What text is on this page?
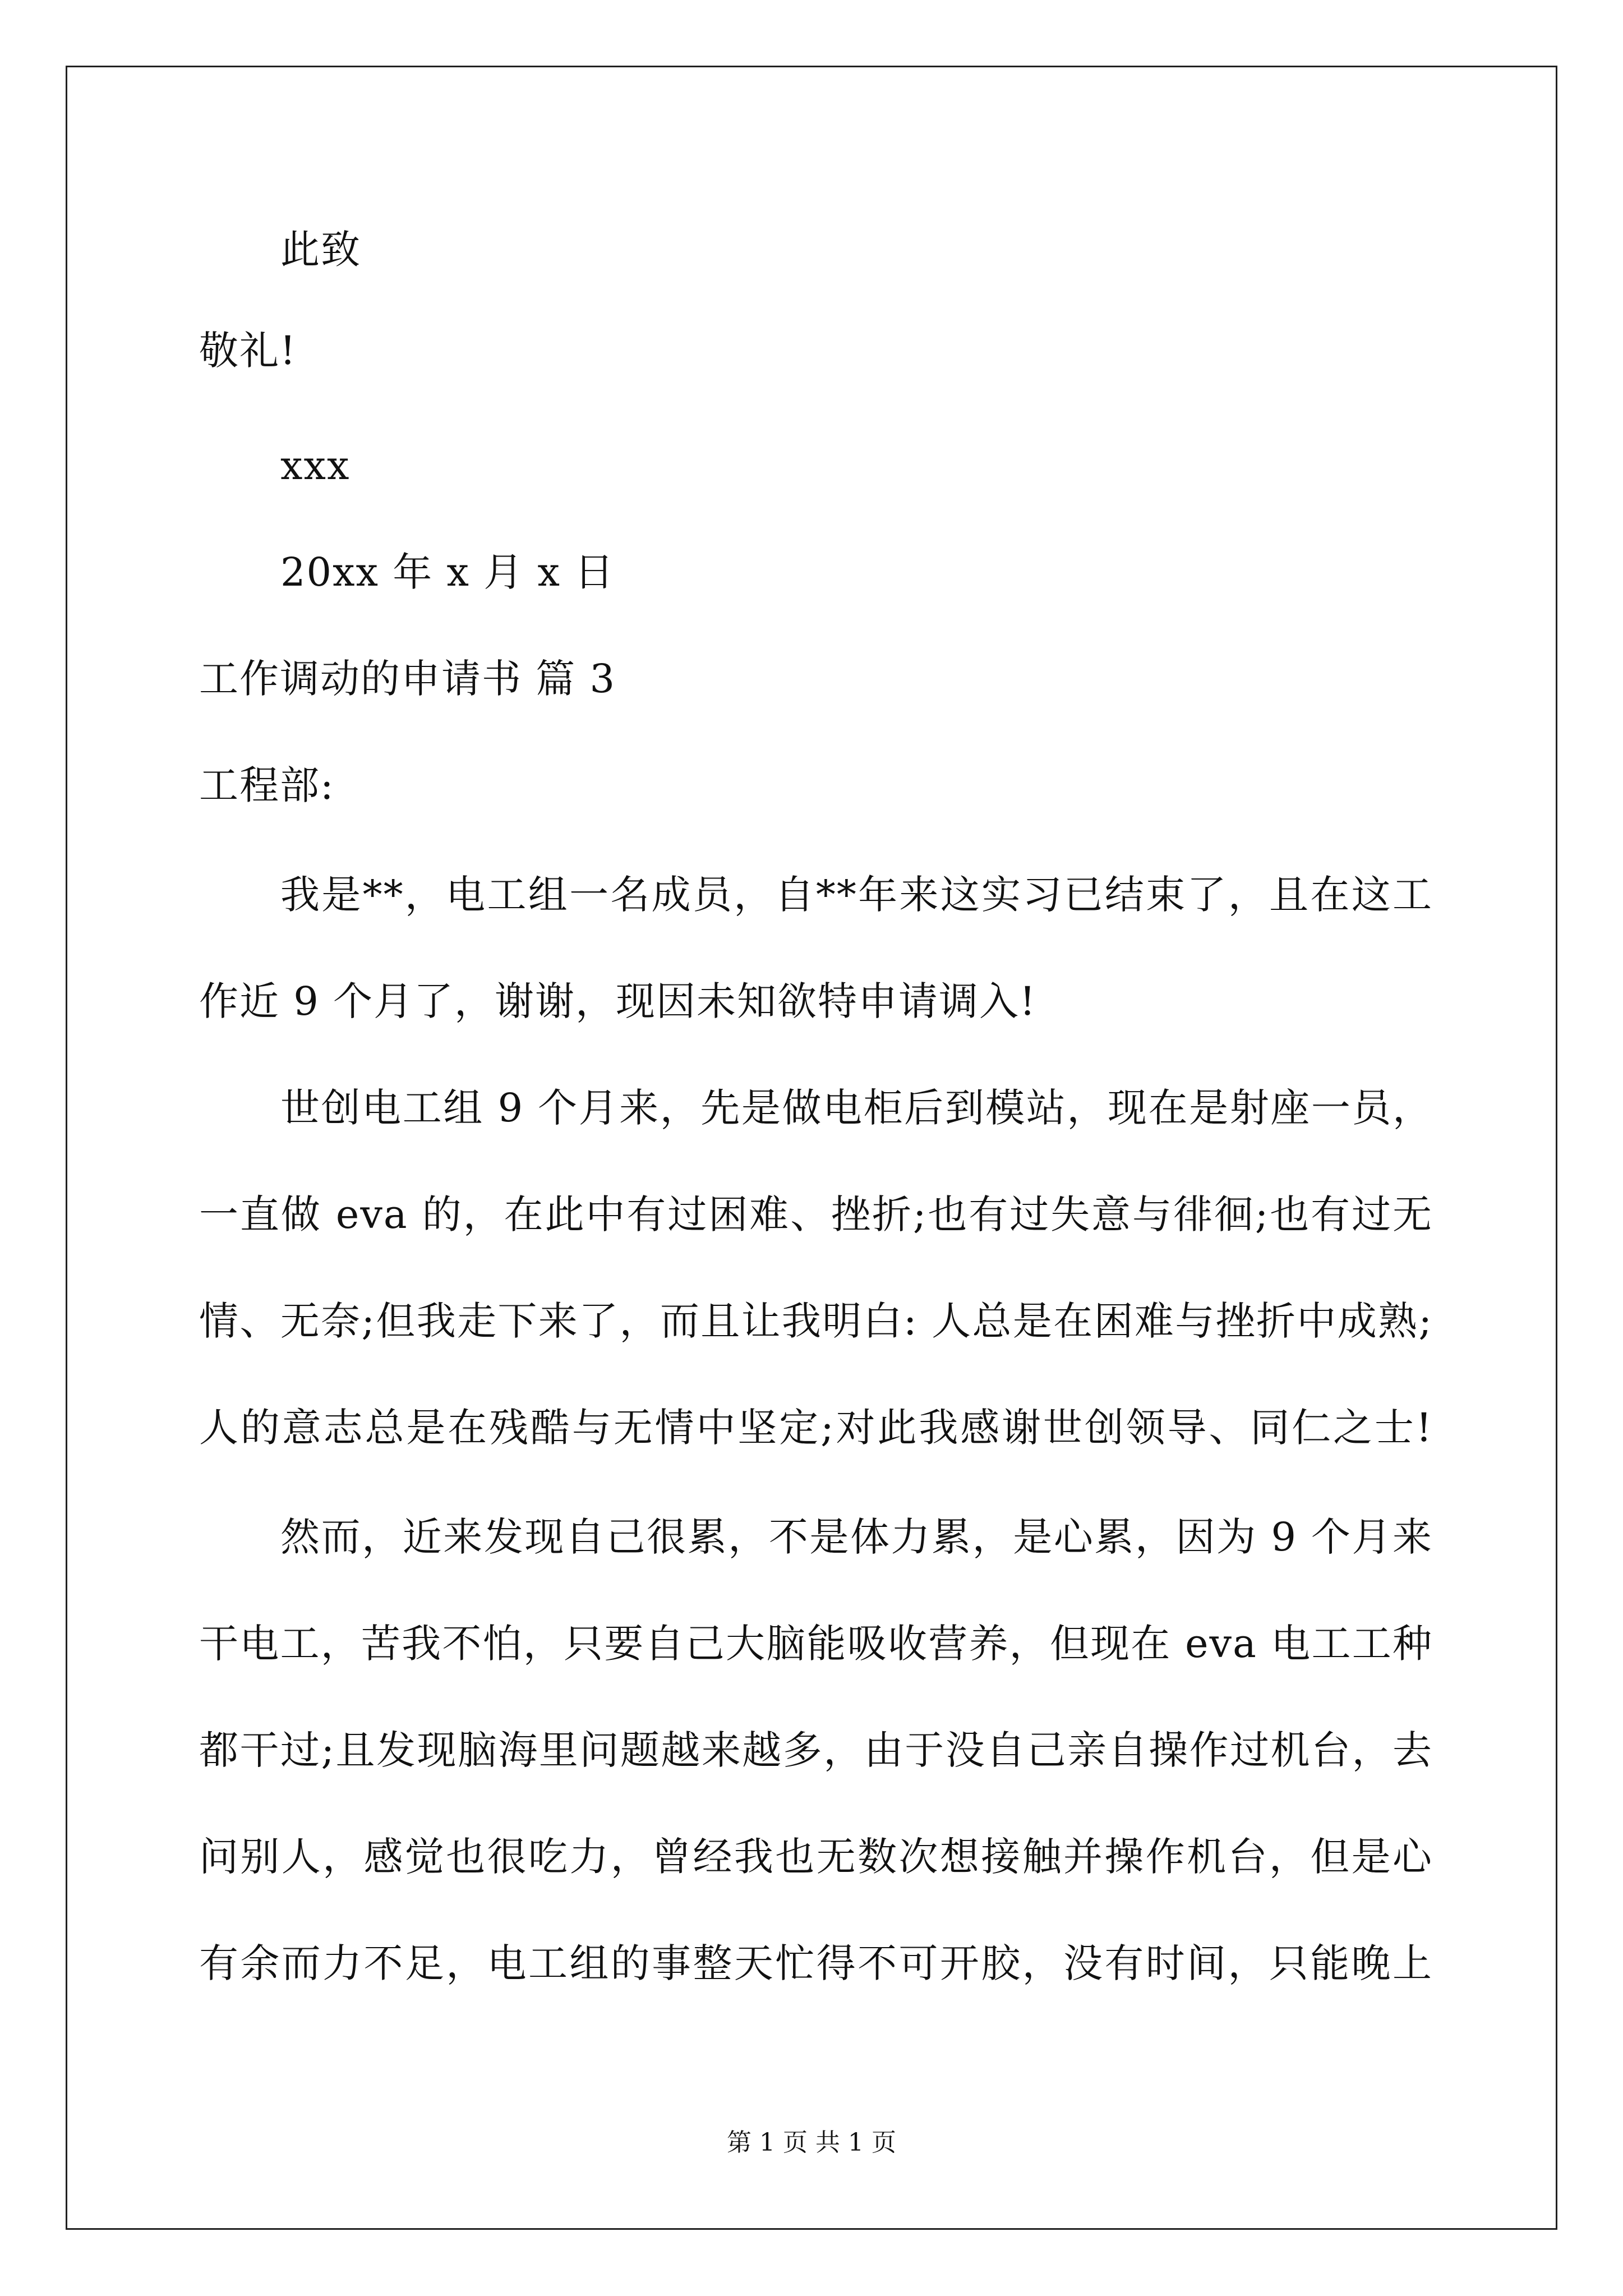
此致
敬礼!
xxx
20xx 年 x 月 x 日
工作调动的申请书 篇 3
工程部:
我是**，电工组一名成员，自**年来这实习已结束了，且在这工
作近 9 个月了，谢谢，现因未知欲特申请调入!
世创电工组 9 个月来，先是做电柜后到模站，现在是射座一员，
一直做 eva 的，在此中有过困难、挫折;也有过失意与徘徊;也有过无
情、无奈;但我走下来了，而且让我明白: 人总是在困难与挫折中成熟;
人的意志总是在残酷与无情中坚定;对此我感谢世创领导、同仁之士!
然而，近来发现自己很累，不是体力累，是心累，因为 9 个月来
干电工，苦我不怕，只要自己大脑能吸收营养，但现在 eva 电工工种
都干过;且发现脑海里问题越来越多，由于没自己亲自操作过机台，去
问别人，感觉也很吃力，曾经我也无数次想接触并操作机台，但是心
有余而力不足，电工组的事整天忙得不可开胶，没有时间，只能晚上
第 1 页 共 1 页
